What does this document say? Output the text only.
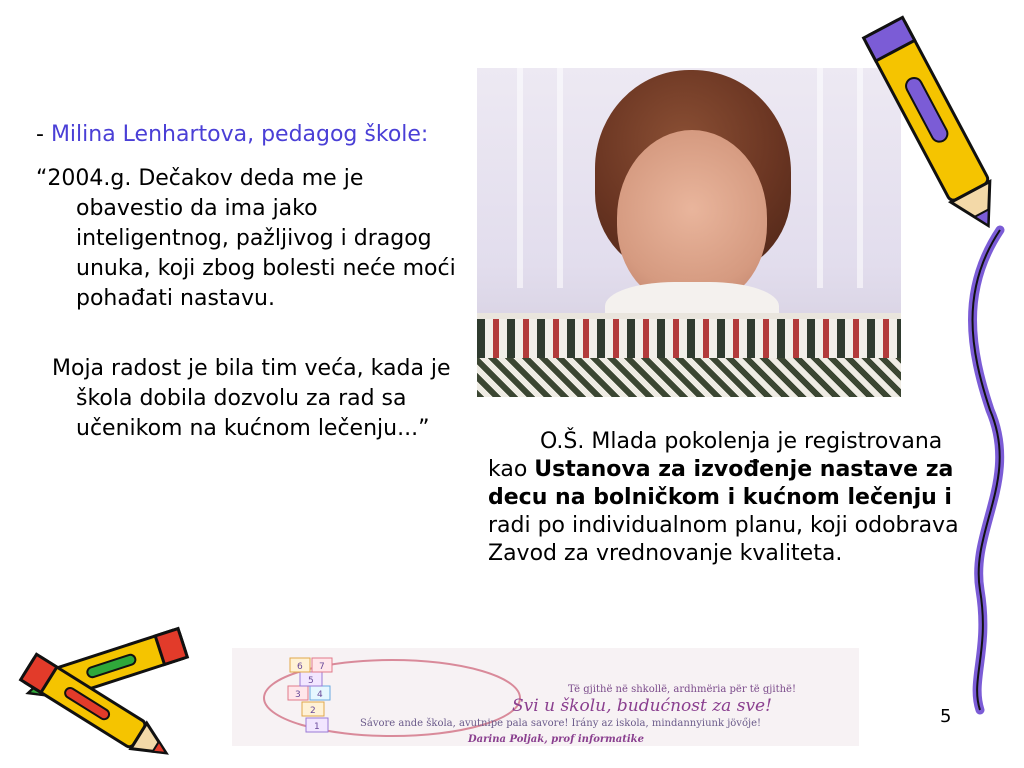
- Milina Lenhartova, pedagog škole:

“2004.g. Dečakov deda me je obavestio da ima jako inteligentnog, pažljivog i dragog unuka, koji zbog bolesti neće moći pohađati nastavu.

Moja radost je bila tim veća, kada je škola dobila dozvolu za rad sa učenikom na kućnom lečenju...”

O.Š. Mlada pokolenja je registrovana kao Ustanova za izvođenje nastave za decu na bolničkom i kućnom lečenju i radi po individualnom planu, koji odobrava Zavod za vrednovanje kvaliteta.

1
2
3 4
5
6 7
Të gjithë në shkollë, ardhmëria për të gjithë!
Svi u školu, budućnost za sve!
Sávore ande škola, avutnipe pala savore! Irány az iskola, mindannyiunk jövője!
Darina Poljak, prof informatike
5
